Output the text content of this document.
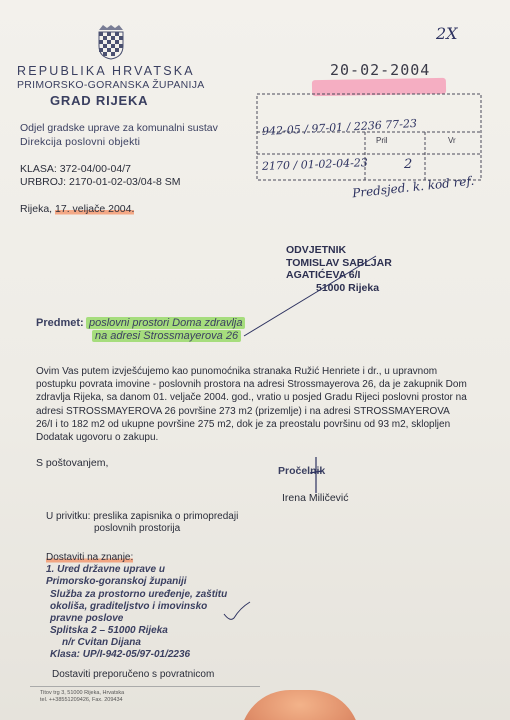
REPUBLIKA HRVATSKA
PRIMORSKO-GORANSKA ŽUPANIJA
GRAD RIJEKA
Odjel gradske uprave za komunalni sustav
Direkcija poslovni objekti
KLASA: 372-04/00-04/7
URBROJ: 2170-01-02-03/04-8 SM
Rijeka, 17. veljače 2004.
20-02-2004
2X
942-05 / 97-01 / 2236 77-23
Pril	Vr
2170 / 01-02-04-23	2
Predsjed. k. kod ref.
ODVJETNIK
TOMISLAV SABLJAR
AGATIĆEVA 6/I
51000 Rijeka
Predmet: poslovni prostori Doma zdravlja
na adresi Strossmayerova 26
Ovim Vas putem izvješćujemo kao punomoćnika stranaka Ružić Henriete i dr., u upravnom
postupku povrata imovine - poslovnih prostora na adresi Strossmayerova 26, da je zakupnik Dom
zdravlja Rijeka, sa danom 01. veljače 2004. god., vratio u posjed Gradu Rijeci poslovni prostor na
adresi STROSSMAYEROVA 26 površine 273 m2 (prizemlje) i na adresi STROSSMAYEROVA
26/I i to 182 m2 od ukupne površine 275 m2, dok je za preostalu površinu od 93 m2, sklopljen
Dodatak ugovoru o zakupu.
S poštovanjem,
Pročelnik
Irena Miličević
U privitku: preslika zapisnika o primopredaji
poslovnih prostorija
Dostaviti na znanje:
1. Ured državne uprave u
Primorsko-goranskoj županiji
Služba za prostorno uređenje, zaštitu
okoliša, graditeljstvo i imovinsko
pravne poslove
Splitska 2 – 51000 Rijeka
n/r Cvitan Dijana
Klasa: UP/I-942-05/97-01/2236
Dostaviti preporučeno s povratnicom
Titov trg 3, 51000 Rijeka, Hrvatska
tel. ++38551209426, Fax. 209434
